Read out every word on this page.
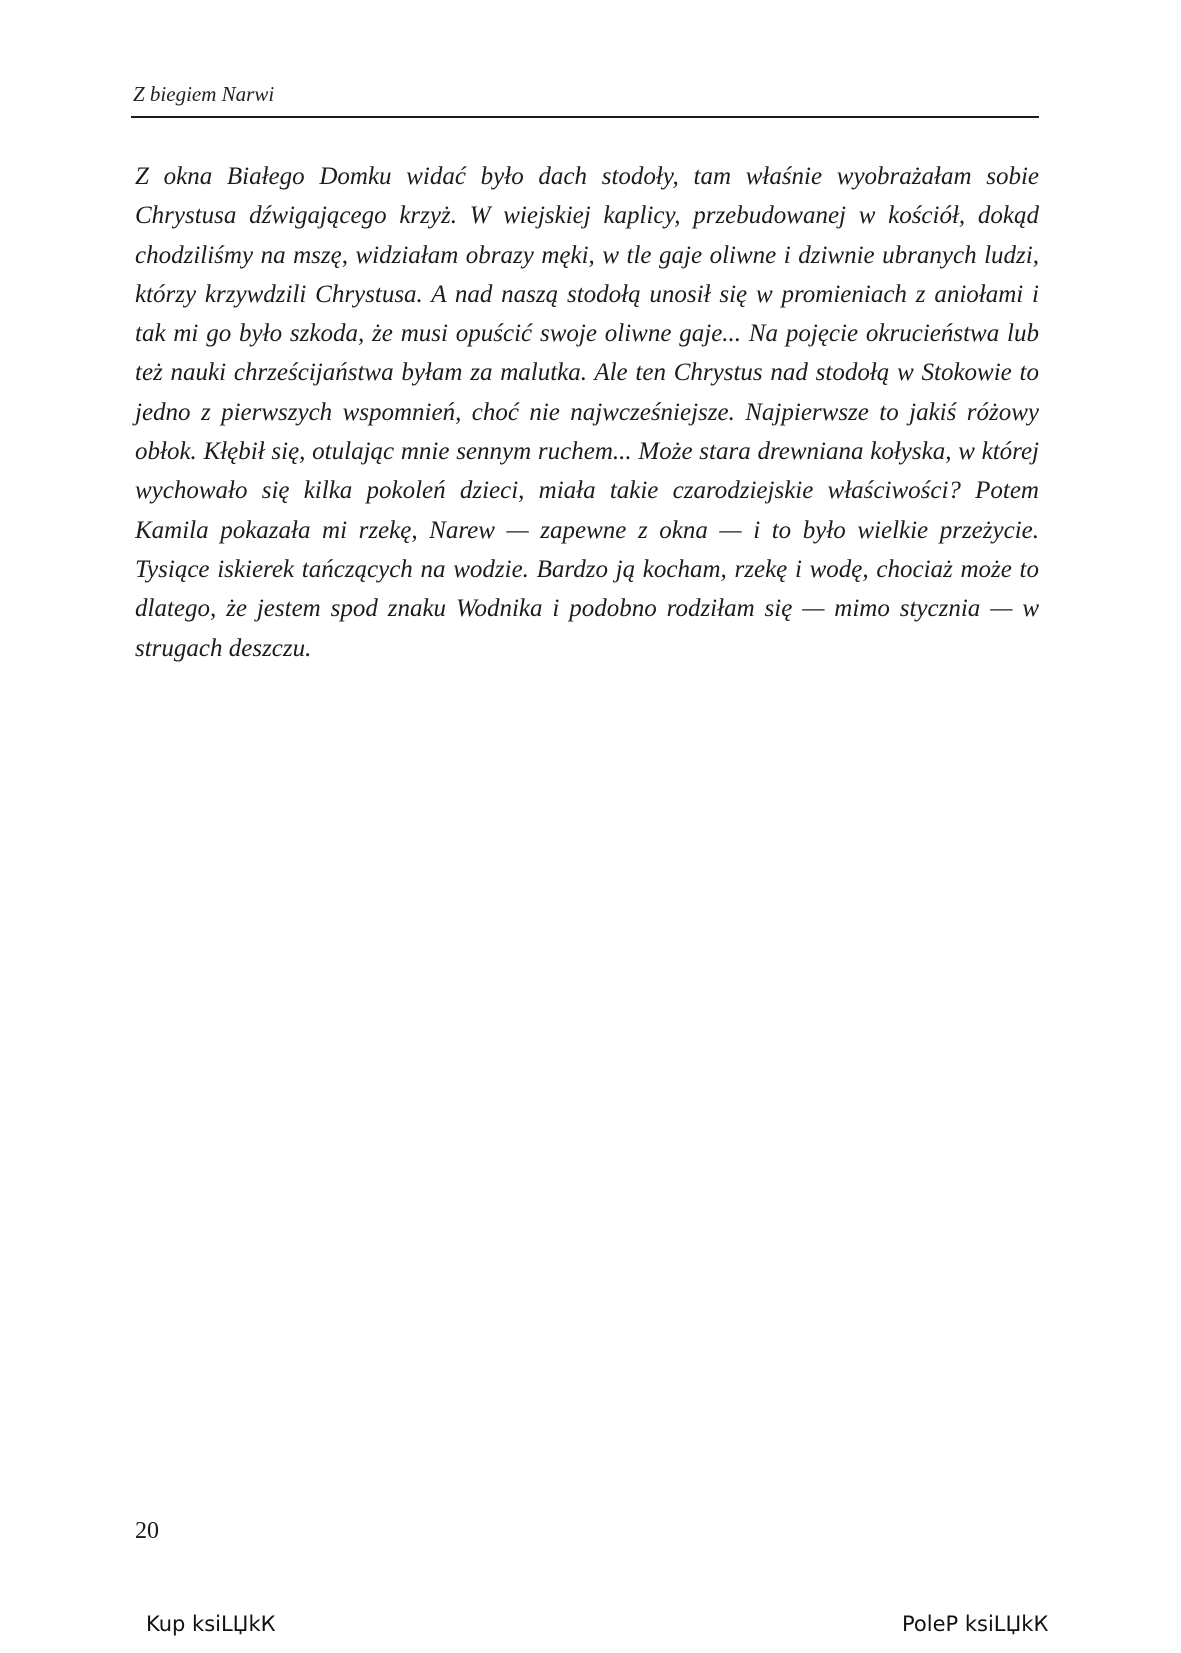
Z biegiem Narwi

Z okna Białego Domku widać było dach stodoły, tam właśnie wyobrażałam sobie Chrystusa dźwigającego krzyż. W wiejskiej kaplicy, przebudowanej w kościół, dokąd chodziliśmy na mszę, widziałam obrazy męki, w tle gaje oliwne i dziwnie ubranych ludzi, którzy krzywdzili Chrystusa. A nad naszą stodołą unosił się w promieniach z aniołami i tak mi go było szkoda, że musi opuścić swoje oliwne gaje... Na pojęcie okrucieństwa lub też nauki chrześcijaństwa byłam za malutka. Ale ten Chrystus nad stodołą w Stokowie to jedno z pierwszych wspomnień, choć nie najwcześniejsze. Najpierwsze to jakiś różowy obłok. Kłębił się, otulając mnie sennym ruchem... Może stara drewniana kołyska, w której wychowało się kilka pokoleń dzieci, miała takie czarodziejskie właściwości? Potem Kamila pokazała mi rzekę, Narew — zapewne z okna — i to było wielkie przeżycie. Tysiące iskierek tańczących na wodzie. Bardzo ją kocham, rzekę i wodę, chociaż może to dlatego, że jestem spod znaku Wodnika i podobno rodziłam się — mimo stycznia — w strugach deszczu.

20
Kup ksiLЏkК	PoleP ksiLЏkК
